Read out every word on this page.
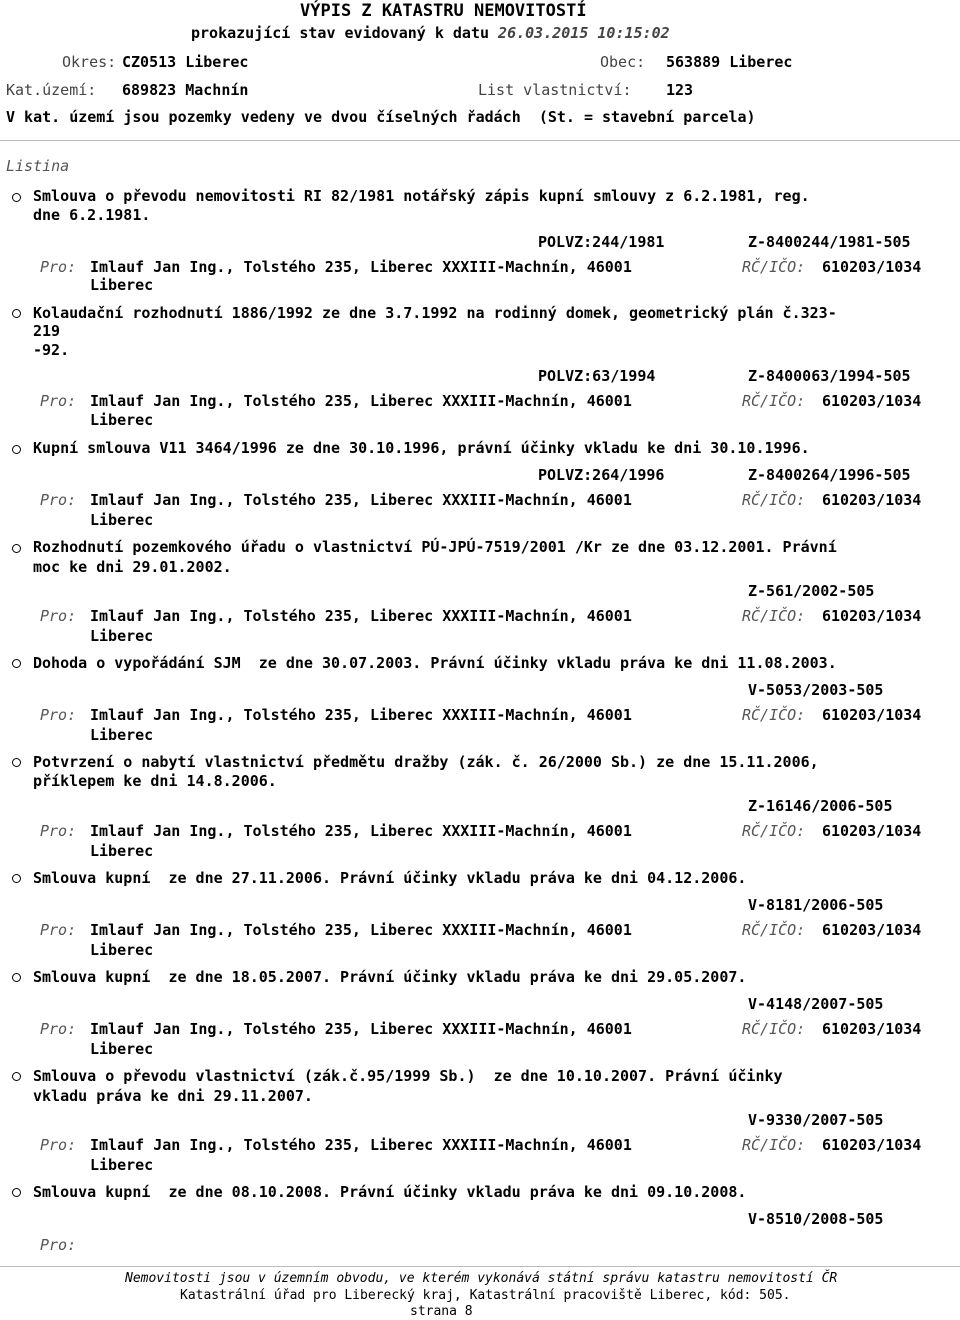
VÝPIS Z KATASTRU NEMOVITOSTÍ
prokazující stav evidovaný k datu 26.03.2015 10:15:02
Okres: CZ0513 Liberec	Obec: 563889 Liberec
Kat.území: 689823 Machnín	List vlastnictví: 123
V kat. území jsou pozemky vedeny ve dvou číselných řadách  (St. = stavební parcela)
Listina
Smlouva o převodu nemovitosti RI 82/1981 notářský zápis kupní smlouvy z 6.2.1981, reg.
dne 6.2.1981.
POLVZ:244/1981	Z-8400244/1981-505
Pro: Imlauf Jan Ing., Tolstého 235, Liberec XXXIII-Machnín, 46001
Liberec
RČ/IČO: 610203/1034
Kolaudační rozhodnutí 1886/1992 ze dne 3.7.1992 na rodinný domek, geometrický plán č.323-
219
-92.
POLVZ:63/1994	Z-8400063/1994-505
Pro: Imlauf Jan Ing., Tolstého 235, Liberec XXXIII-Machnín, 46001
Liberec
RČ/IČO: 610203/1034
Kupní smlouva V11 3464/1996 ze dne 30.10.1996, právní účinky vkladu ke dni 30.10.1996.
POLVZ:264/1996	Z-8400264/1996-505
Pro: Imlauf Jan Ing., Tolstého 235, Liberec XXXIII-Machnín, 46001
Liberec
RČ/IČO: 610203/1034
Rozhodnutí pozemkového úřadu o vlastnictví PÚ-JPÚ-7519/2001 /Kr ze dne 03.12.2001. Právní
moc ke dni 29.01.2002.
Z-561/2002-505
Pro: Imlauf Jan Ing., Tolstého 235, Liberec XXXIII-Machnín, 46001
Liberec
RČ/IČO: 610203/1034
Dohoda o vypořádání SJM  ze dne 30.07.2003. Právní účinky vkladu práva ke dni 11.08.2003.
V-5053/2003-505
Pro: Imlauf Jan Ing., Tolstého 235, Liberec XXXIII-Machnín, 46001
Liberec
RČ/IČO: 610203/1034
Potvrzení o nabytí vlastnictví předmětu dražby (zák. č. 26/2000 Sb.) ze dne 15.11.2006,
příklepem ke dni 14.8.2006.
Z-16146/2006-505
Pro: Imlauf Jan Ing., Tolstého 235, Liberec XXXIII-Machnín, 46001
Liberec
RČ/IČO: 610203/1034
Smlouva kupní  ze dne 27.11.2006. Právní účinky vkladu práva ke dni 04.12.2006.
V-8181/2006-505
Pro: Imlauf Jan Ing., Tolstého 235, Liberec XXXIII-Machnín, 46001
Liberec
RČ/IČO: 610203/1034
Smlouva kupní  ze dne 18.05.2007. Právní účinky vkladu práva ke dni 29.05.2007.
V-4148/2007-505
Pro: Imlauf Jan Ing., Tolstého 235, Liberec XXXIII-Machnín, 46001
Liberec
RČ/IČO: 610203/1034
Smlouva o převodu vlastnictví (zák.č.95/1999 Sb.)  ze dne 10.10.2007. Právní účinky
vkladu práva ke dni 29.11.2007.
V-9330/2007-505
Pro: Imlauf Jan Ing., Tolstého 235, Liberec XXXIII-Machnín, 46001
Liberec
RČ/IČO: 610203/1034
Smlouva kupní  ze dne 08.10.2008. Právní účinky vkladu práva ke dni 09.10.2008.
V-8510/2008-505
Pro:
Nemovitosti jsou v územním obvodu, ve kterém vykonává státní správu katastru nemovitostí ČR
Katastrální úřad pro Liberecký kraj, Katastrální pracoviště Liberec, kód: 505.
strana 8
